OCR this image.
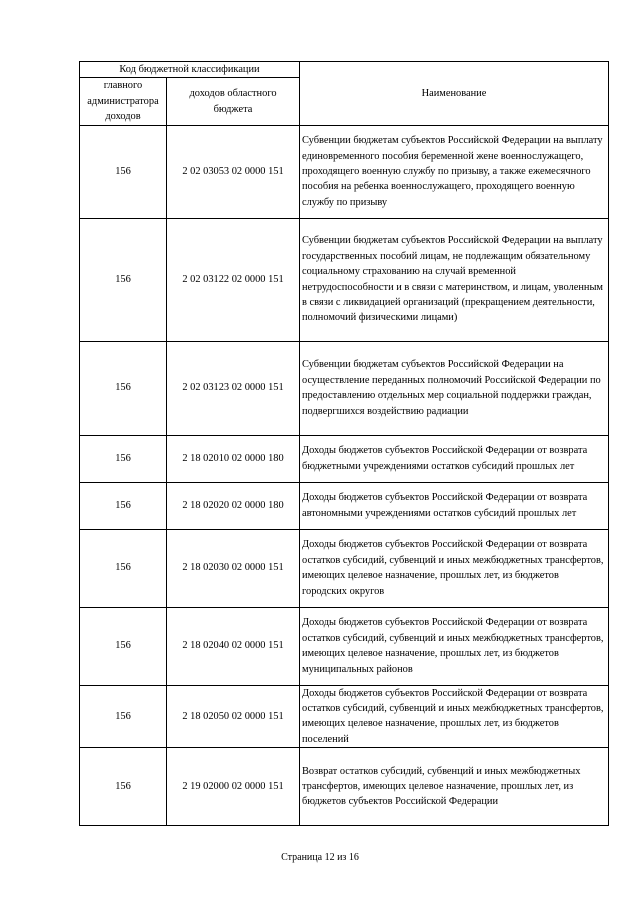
Код бюджетной классификации		Наименование
главного администратора доходов	доходов областного бюджета	
156	2 02 03053 02 0000 151	Субвенции бюджетам субъектов Российской Федерации на выплату единовременного пособия беременной жене военнослужащего, проходящего военную службу по призыву, а также ежемесячного пособия на ребенка военнослужащего, проходящего военную службу по призыву
156	2 02 03122 02 0000 151	Субвенции бюджетам субъектов Российской Федерации на выплату государственных пособий лицам, не подлежащим обязательному социальному страхованию на случай временной нетрудоспособности и в связи с материнством, и лицам, уволенным в связи с ликвидацией организаций (прекращением деятельности, полномочий физическими лицами)
156	2 02 03123 02 0000 151	Субвенции бюджетам субъектов Российской Федерации на осуществление переданных полномочий Российской Федерации по предоставлению отдельных мер социальной поддержки граждан, подвергшихся воздействию радиации
156	2 18 02010 02 0000 180	Доходы бюджетов субъектов Российской Федерации от возврата бюджетными учреждениями остатков субсидий прошлых лет
156	2 18 02020 02 0000 180	Доходы бюджетов субъектов Российской Федерации от возврата автономными учреждениями остатков субсидий прошлых лет
156	2 18 02030 02 0000 151	Доходы бюджетов субъектов Российской Федерации от возврата остатков субсидий, субвенций и иных межбюджетных трансфертов, имеющих целевое назначение, прошлых лет, из бюджетов городских округов
156	2 18 02040 02 0000 151	Доходы бюджетов субъектов Российской Федерации от возврата остатков субсидий, субвенций и иных межбюджетных трансфертов, имеющих целевое назначение, прошлых лет, из бюджетов муниципальных районов
156	2 18 02050 02 0000 151	Доходы бюджетов субъектов Российской Федерации от возврата остатков субсидий, субвенций и иных межбюджетных трансфертов, имеющих целевое назначение, прошлых лет, из бюджетов поселений
156	2 19 02000 02 0000 151	Возврат остатков субсидий, субвенций и иных межбюджетных трансфертов, имеющих целевое назначение, прошлых лет, из бюджетов субъектов Российской Федерации
Страница 12 из 16
